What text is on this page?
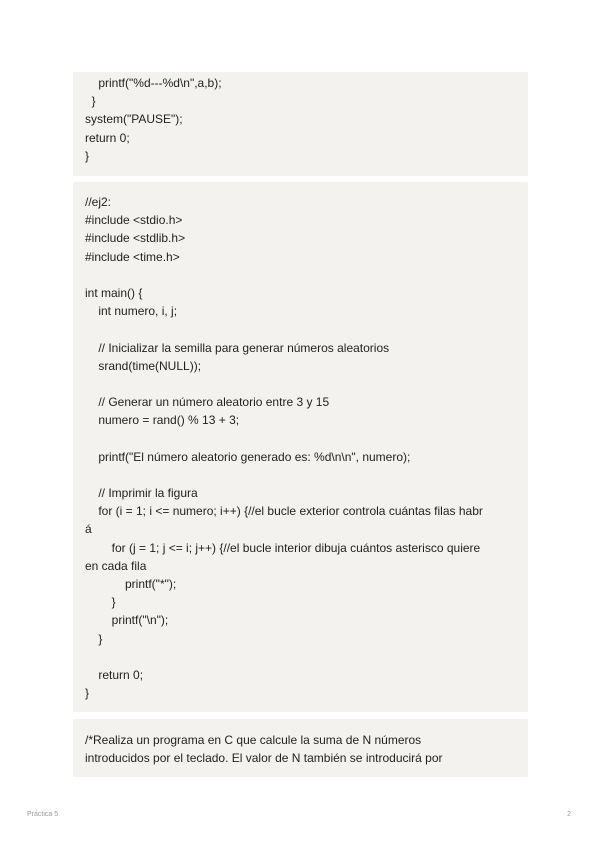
printf("%d---%d\n",a,b);
}
system("PAUSE");
return 0;
}
//ej2:
#include <stdio.h>
#include <stdlib.h>
#include <time.h>
int main() {
int numero, i, j;
// Inicializar la semilla para generar números aleatorios
srand(time(NULL));
// Generar un número aleatorio entre 3 y 15
numero = rand() % 13 + 3;
printf("El número aleatorio generado es: %d\n\n", numero);
// Imprimir la figura
for (i = 1; i <= numero; i++) {//el bucle exterior controla cuántas filas habr
á
for (j = 1; j <= i; j++) {//el bucle interior dibuja cuántos asterisco quiere
en cada fila
printf("*");
}
printf("\n");
}
return 0;
}
/*Realiza un programa en C que calcule la suma de N números
introducidos por el teclado. El valor de N también se introducirá por
Práctica 5	2
